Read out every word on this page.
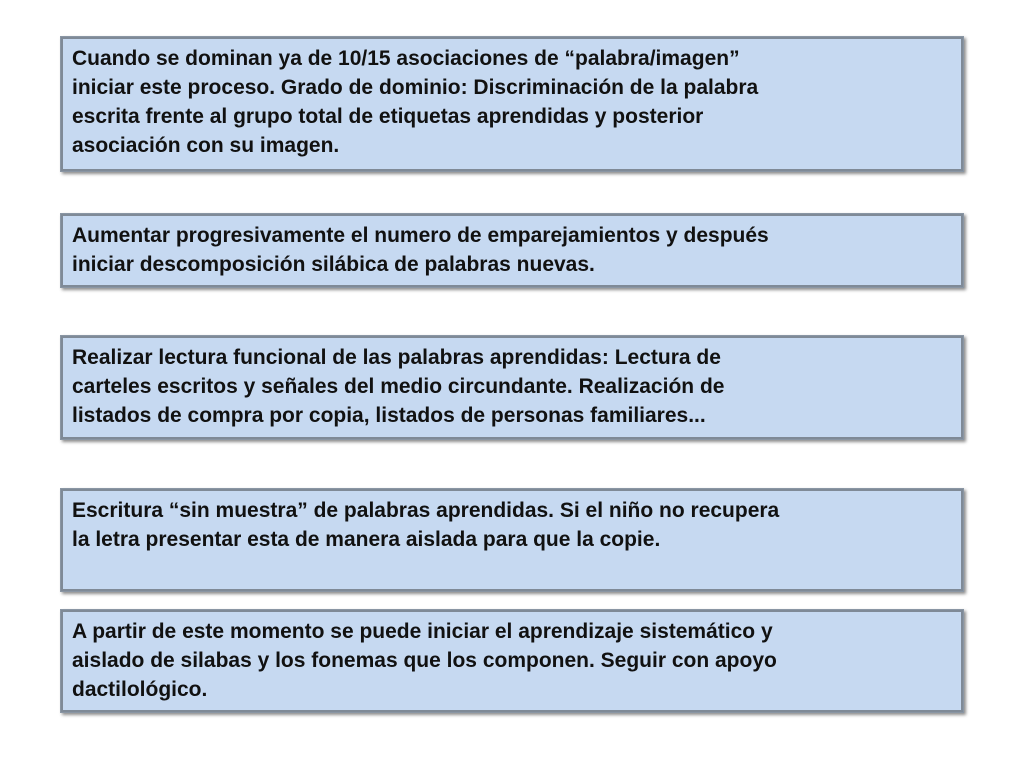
Cuando se dominan ya de 10/15 asociaciones de “palabra/imagen”
iniciar este proceso. Grado de dominio: Discriminación de la palabra
escrita frente al grupo total de etiquetas aprendidas y posterior
asociación con su imagen.

Aumentar progresivamente el numero de emparejamientos y después
iniciar descomposición silábica de palabras nuevas.

Realizar lectura funcional de las palabras aprendidas: Lectura de
carteles escritos y señales del medio circundante. Realización de
listados de compra por copia, listados de personas familiares...

Escritura “sin muestra” de palabras aprendidas. Si el niño no recupera
la letra presentar esta de manera aislada para que la copie.

A partir de este momento se puede iniciar el aprendizaje sistemático y
aislado de silabas y los fonemas que los componen. Seguir con apoyo
dactilológico.
